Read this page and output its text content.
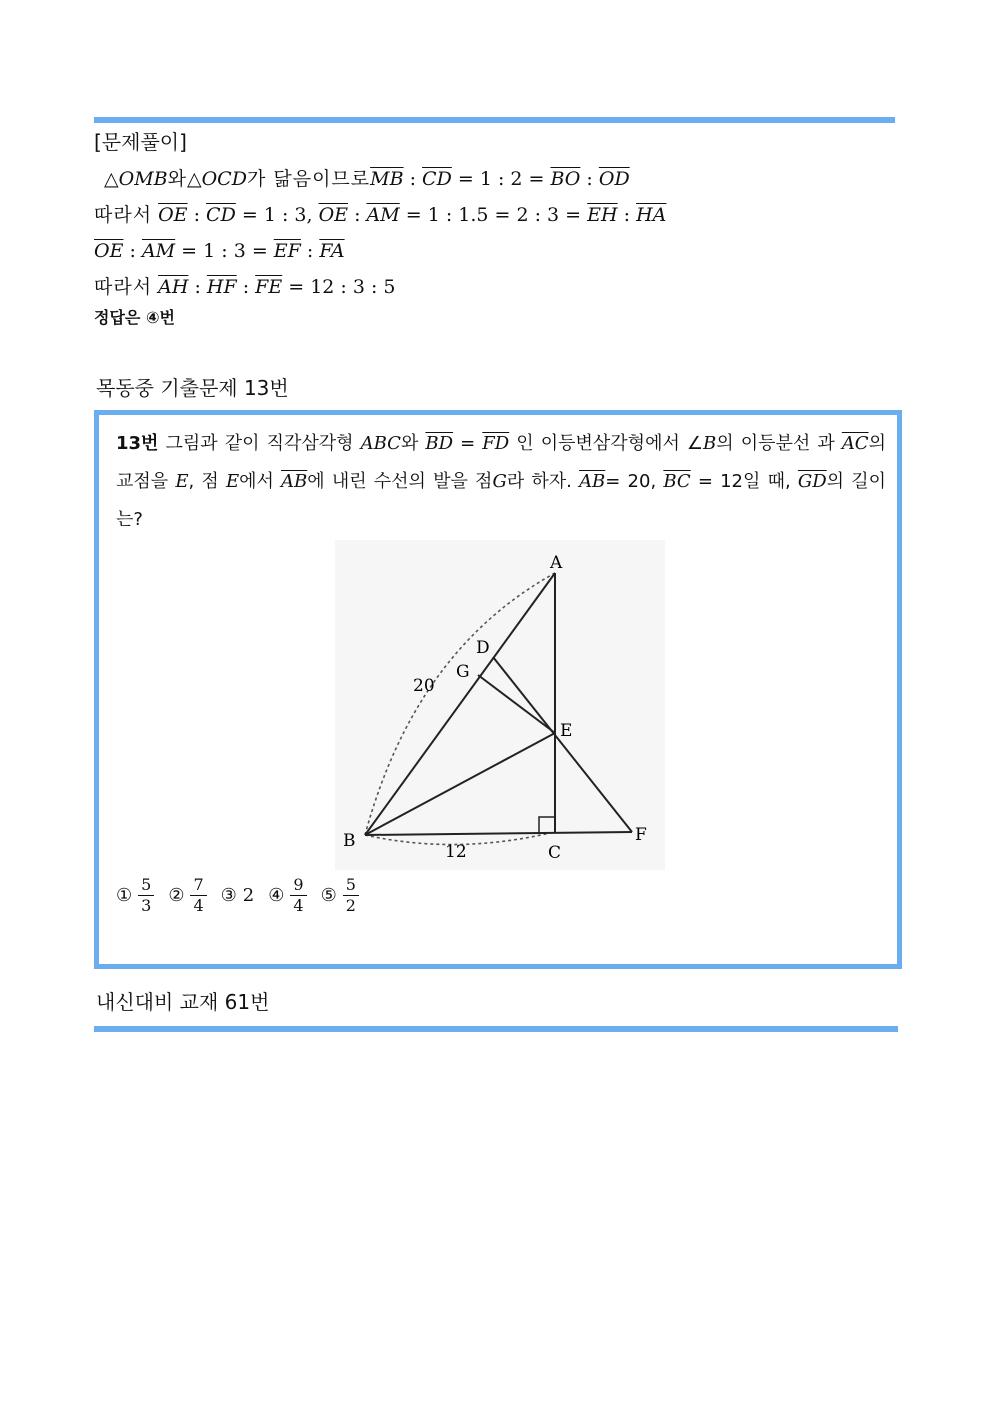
[문제풀이]
△OMB와△OCD가 닮음이므로$\overline{MB}$ : $\overline{CD} = 1$ : $2 = \overline{BO}$ : $\overline{OD}$
따라서 $\overline{OE}$ : $\overline{CD} = 1$ : 3, $\overline{OE}$ : $\overline{AM} = 1$ : 1.5 = 2 : $3 = \overline{EH}$ : $\overline{HA}$
$\overline{OE}$ : $\overline{AM} = 1$ : $3 = \overline{EF}$ : $\overline{FA}$
따라서 $\overline{AH}$ : $\overline{HF}$ : $\overline{FE} = 12$ : 3 : 5
정답은 ④번
목동중 기출문제 13번
13번 그림과 같이 직각삼각형 ABC와 $\overline{BD} = \overline{FD}$ 인 이등변삼각형에서 ∠B의 이등분선 과 $\overline{AC}$의 교점을 E, 점 E에서 $\overline{AB}$에 내린 수선의 발을 점G라 하자. $\overline{AB}= 20$, $\overline{BC} = 12$일 때, $\overline{GD}$의 길이는?
A
B
C
D
E
F
G
20
12
① $\frac{5}{3}$ ② $\frac{7}{4}$ ③ 2 ④ $\frac{9}{4}$ ⑤ $\frac{5}{2}$
내신대비 교재 61번
